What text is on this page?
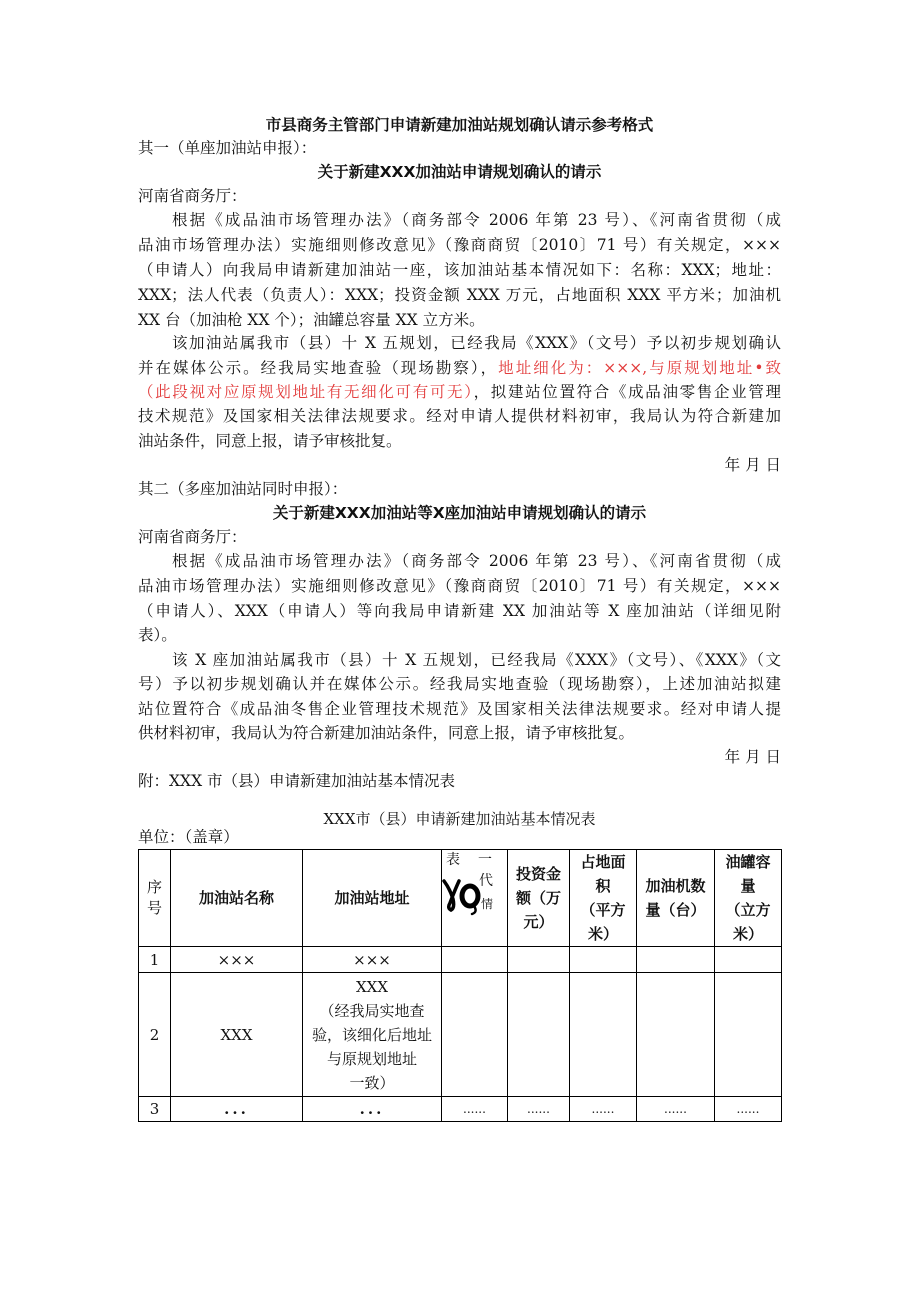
市县商务主管部门申请新建加油站规划确认请示参考格式
其一（单座加油站申报）：
关于新建XXX加油站申请规划确认的请示
河南省商务厅：
根据《成品油市场管理办法》（商务部令 2006 年第 23 号）、《河南省贯彻（成
品油市场管理办法）实施细则修改意见》（豫商商贸〔2010〕71 号）有关规定，×××
（申请人）向我局申请新建加油站一座，该加油站基本情况如下：名称：XXX；地址：
XXX；法人代表（负责人）：XXX；投资金额 XXX 万元，占地面积 XXX 平方米；加油机
XX 台（加油枪 XX 个）；油罐总容量 XX 立方米。
该加油站属我市（县）十 X 五规划，已经我局《XXX》（文号）予以初步规划确认
并在媒体公示。经我局实地查验（现场勘察），地址细化为：×××,与原规划地址•致
（此段视对应原规划地址有无细化可有可无），拟建站位置符合《成品油零售企业管理
技术规范》及国家相关法律法规要求。经对申请人提供材料初审，我局认为符合新建加
油站条件，同意上报，请予审核批复。
年 月 日
其二（多座加油站同时申报）：
关于新建XXX加油站等X座加油站申请规划确认的请示
河南省商务厅：
根据《成品油市场管理办法》（商务部令 2006 年第 23 号）、《河南省贯彻（成
品油市场管理办法）实施细则修改意见》（豫商商贸〔2010〕71 号）有关规定，×××
（申请人）、XXX（申请人）等向我局申请新建 XX 加油站等 X 座加油站（详细见附
表）。
该 X 座加油站属我市（县）十 X 五规划，已经我局《XXX》（文号）、《XXX》（文
号）予以初步规划确认并在媒体公示。经我局实地查验（现场勘察），上述加油站拟建
站位置符合《成品油冬售企业管理技术规范》及国家相关法律法规要求。经对申请人提
供材料初审，我局认为符合新建加油站条件，同意上报，请予审核批复。
年 月 日
附：XXX 市（县）申请新建加油站基本情况表
XXX市（县）申请新建加油站基本情况表
单位：（盖章）
序
号	加油站名称	加油站地址	表 一
代
情	投资金
额（万
元）	占地面
积
（平方
米）	加油机数
量（台）	油罐容
量
（立方
米）

1	×××	×××					
2	XXX	XXX
（经我局实地查
验，该细化后地址
与原规划地址
一致）					

3	...	...	......	......	......	......	......
